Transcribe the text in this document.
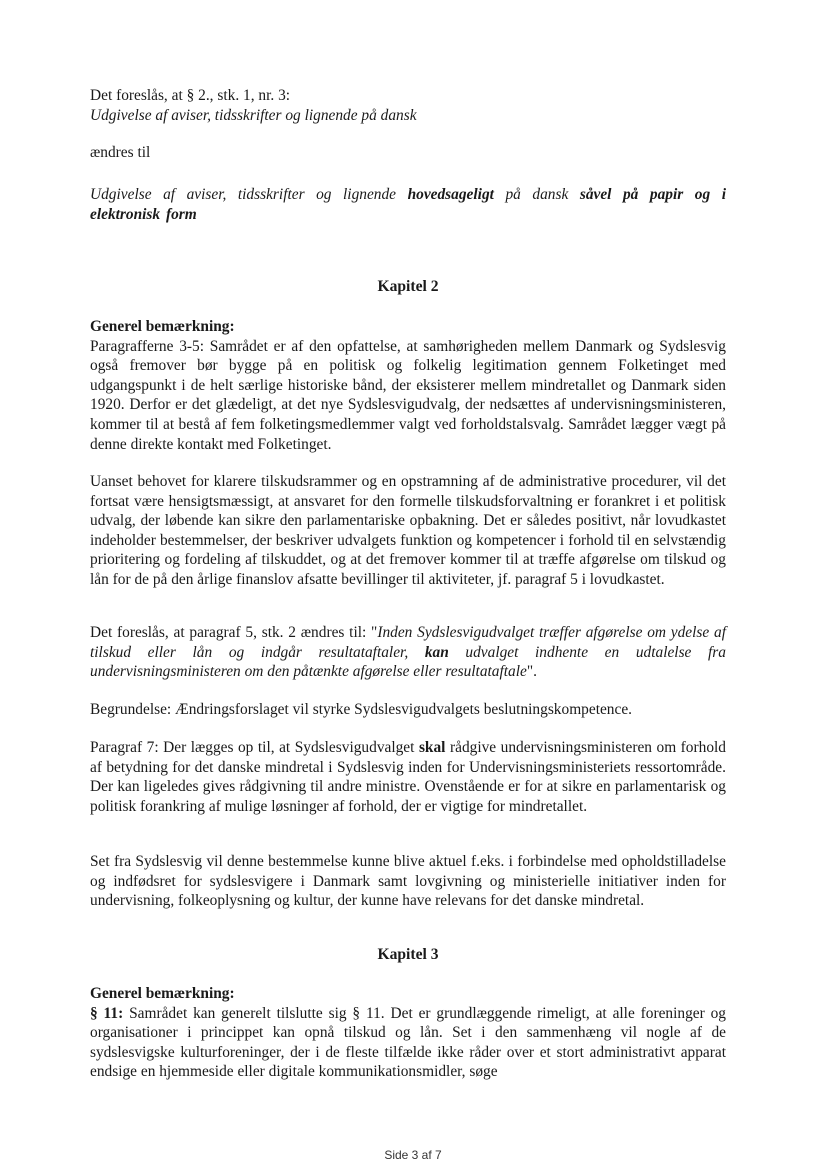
Det foreslås, at § 2., stk. 1, nr. 3:

Udgivelse af aviser, tidsskrifter og lignende på dansk

ændres til

Udgivelse af aviser, tidsskrifter og lignende hovedsageligt på dansk såvel på papir og i elektronisk form

Kapitel 2

Generel bemærkning:

Paragrafferne 3-5: Samrådet er af den opfattelse, at samhørigheden mellem Danmark og Sydslesvig også fremover bør bygge på en politisk og folkelig legitimation gennem Folketinget med udgangspunkt i de helt særlige historiske bånd, der eksisterer mellem mindretallet og Danmark siden 1920. Derfor er det glædeligt, at det nye Sydslesvigudvalg, der nedsættes af undervisningsministeren, kommer til at bestå af fem folketingsmedlemmer valgt ved forholdstalsvalg. Samrådet lægger vægt på denne direkte kontakt med Folketinget.

Uanset behovet for klarere tilskudsrammer og en opstramning af de administrative procedurer, vil det fortsat være hensigtsmæssigt, at ansvaret for den formelle tilskudsforvaltning er forankret i et politisk udvalg, der løbende kan sikre den parlamentariske opbakning. Det er således positivt, når lovudkastet indeholder bestemmelser, der beskriver udvalgets funktion og kompetencer i forhold til en selvstændig prioritering og fordeling af tilskuddet, og at det fremover kommer til at træffe afgørelse om tilskud og lån for de på den årlige finanslov afsatte bevillinger til aktiviteter, jf. paragraf 5 i lovudkastet.

Det foreslås, at paragraf 5, stk. 2 ændres til: "Inden Sydslesvigudvalget træffer afgørelse om ydelse af tilskud eller lån og indgår resultataftaler, kan udvalget indhente en udtalelse fra undervisningsministeren om den påtænkte afgørelse eller resultataftale".

Begrundelse: Ændringsforslaget vil styrke Sydslesvigudvalgets beslutningskompetence.

Paragraf 7: Der lægges op til, at Sydslesvigudvalget skal rådgive undervisningsministeren om forhold af betydning for det danske mindretal i Sydslesvig inden for Undervisningsministeriets ressortområde. Der kan ligeledes gives rådgivning til andre ministre. Ovenstående er for at sikre en parlamentarisk og politisk forankring af mulige løsninger af forhold, der er vigtige for mindretallet.

Set fra Sydslesvig vil denne bestemmelse kunne blive aktuel f.eks. i forbindelse med opholdstilladelse og indfødsret for sydslesvigere i Danmark samt lovgivning og ministerielle initiativer inden for undervisning, folkeoplysning og kultur, der kunne have relevans for det danske mindretal.

Kapitel 3

Generel bemærkning:

§ 11: Samrådet kan generelt tilslutte sig § 11. Det er grundlæggende rimeligt, at alle foreninger og organisationer i princippet kan opnå tilskud og lån. Set i den sammenhæng vil nogle af de sydslesvigske kulturforeninger, der i de fleste tilfælde ikke råder over et stort administrativt apparat endsige en hjemmeside eller digitale kommunikationsmidler, søge

Side 3 af 7
